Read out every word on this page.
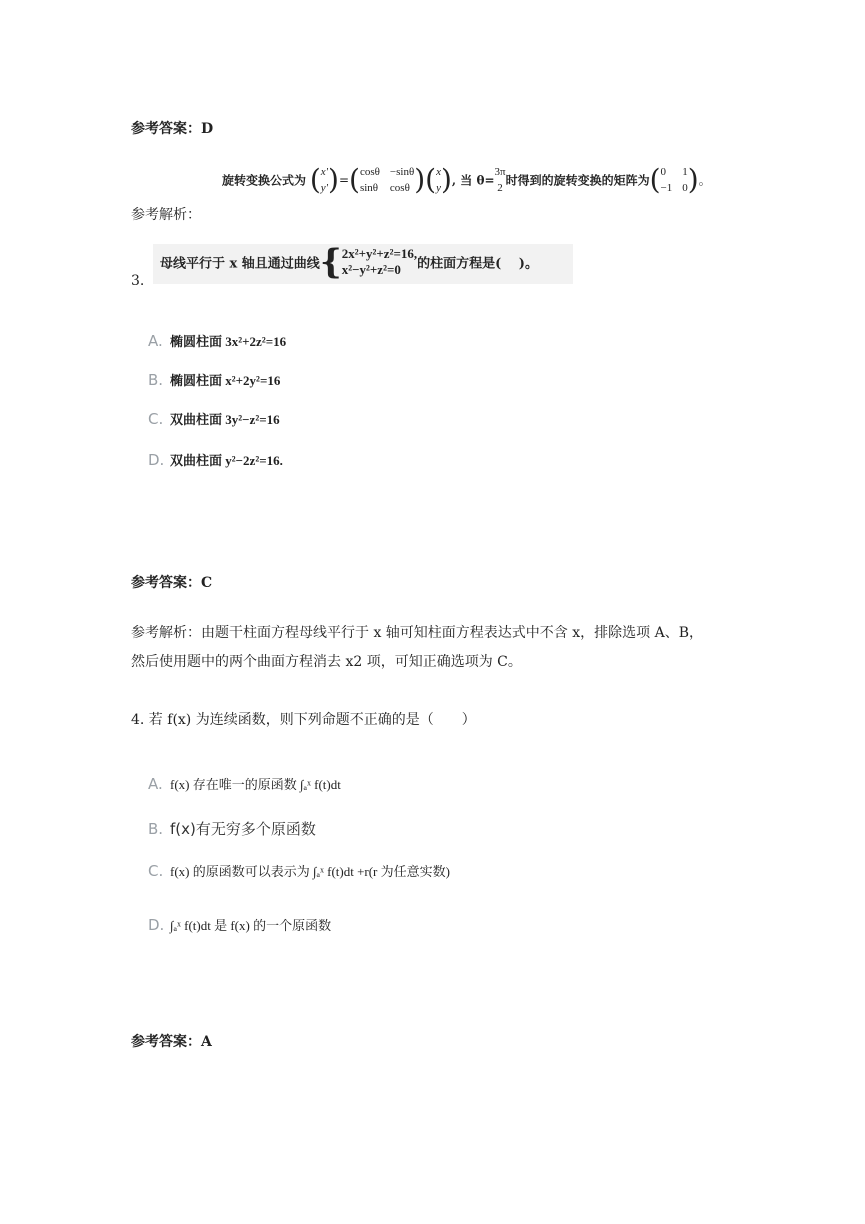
参考答案：D
旋转变换公式为 (x'
y')=( cosθ −sinθ
sinθ cosθ )(x
y), 当 θ=3π
2时得到的旋转变换的矩阵为( 0	1
−1 0 )。
参考解析：
3.
母线平行于 x 轴且通过曲线{2x²+y²+z²=16,
x²−y²+z²=0 的柱面方程是(　 )。
A. 椭圆柱面 3x²+2z²=16
B. 椭圆柱面 x²+2y²=16
C. 双曲柱面 3y²−z²=16
D. 双曲柱面 y²−2z²=16.
参考答案：C
参考解析：由题干柱面方程母线平行于 x 轴可知柱面方程表达式中不含 x，排除选项 A、B，
然后使用题中的两个曲面方程消去 x2 项，可知正确选项为 C。
4. 若 f(x) 为连续函数，则下列命题不正确的是（　　）
A. f(x) 存在唯一的原函数 ∫ₐˣ f(t)dt
B. f(x)有无穷多个原函数
C. f(x) 的原函数可以表示为 ∫ₐˣ f(t)dt +r(r 为任意实数)
D. ∫ₐˣ f(t)dt 是 f(x) 的一个原函数
参考答案：A
